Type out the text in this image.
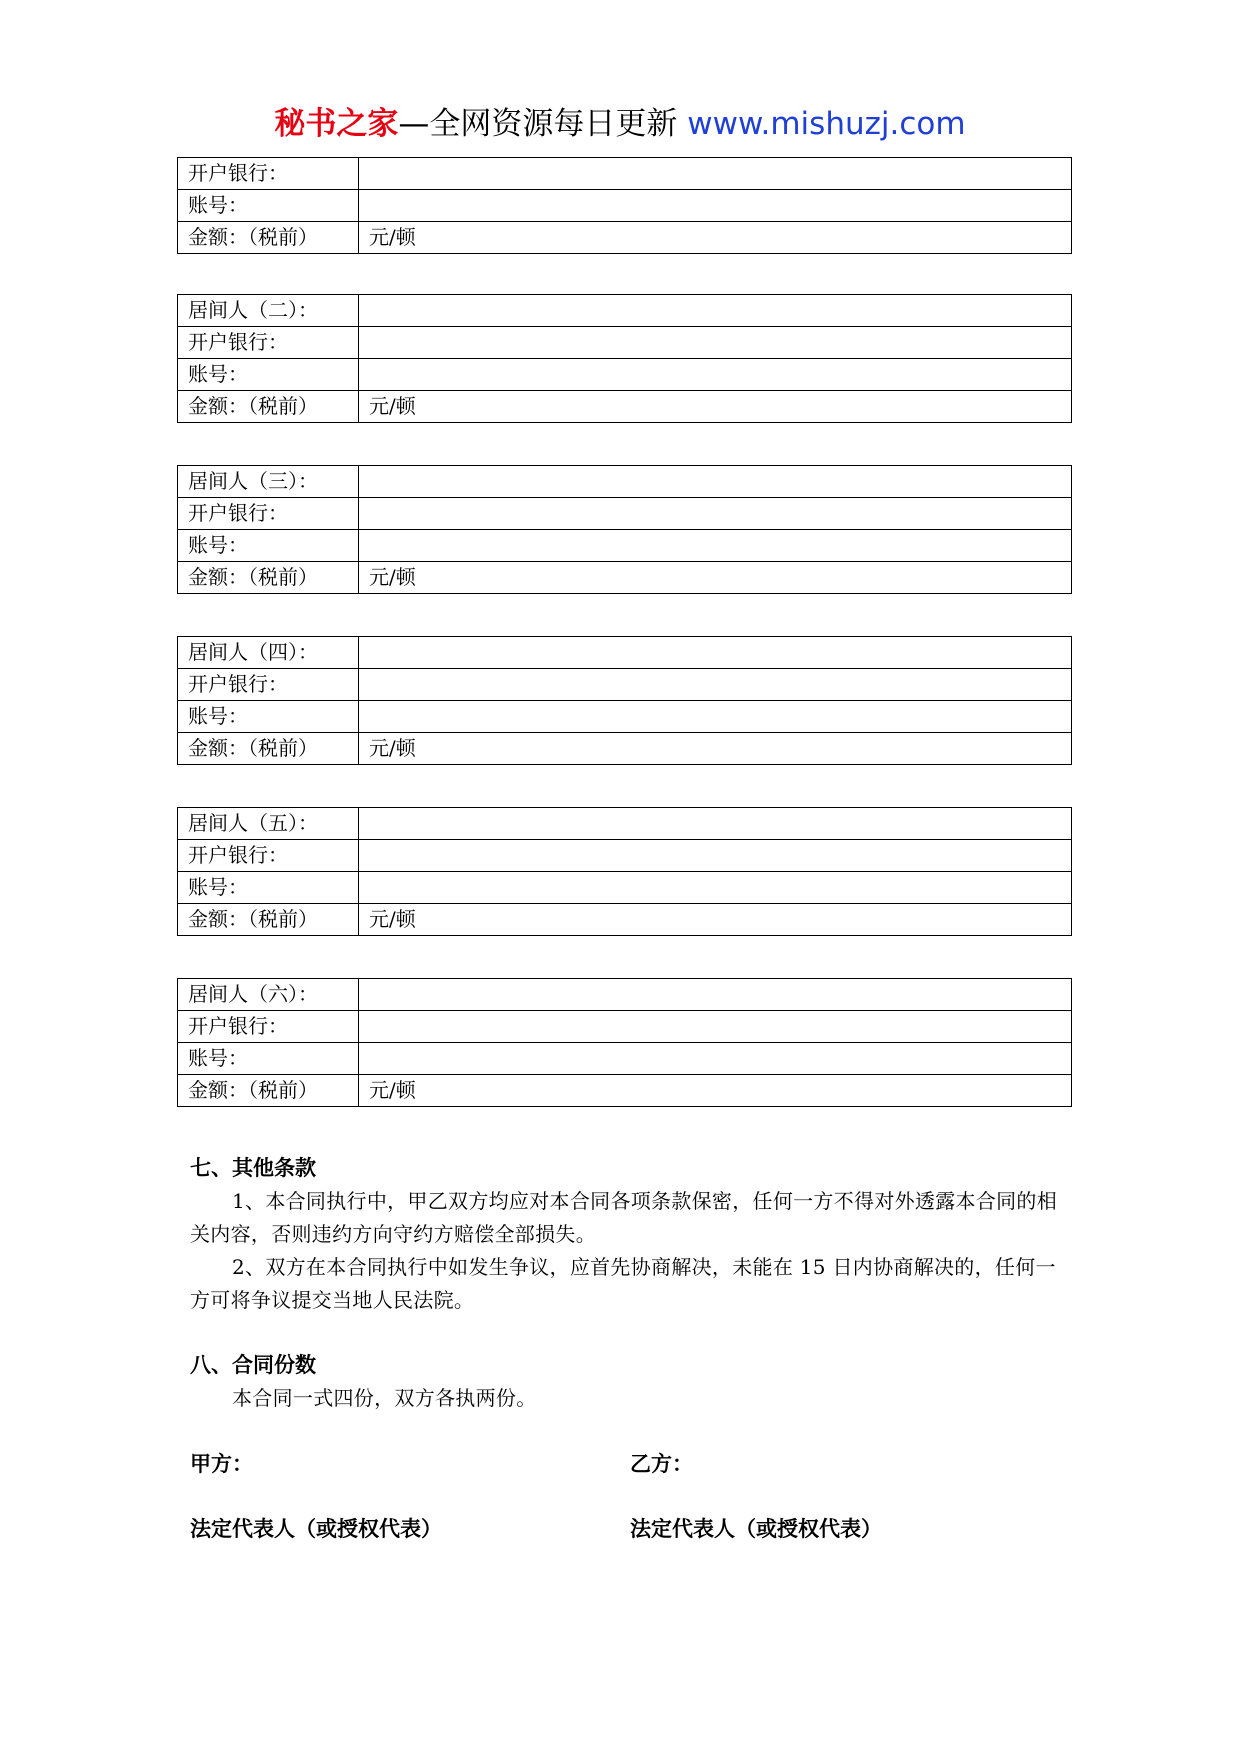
秘书之家—全网资源每日更新 www.mishuzj.com
开户银行：	
账号：	
金额：（税前）	元/顿
居间人（二）：	
开户银行：	
账号：	
金额：（税前）	元/顿
居间人（三）：	
开户银行：	
账号：	
金额：（税前）	元/顿
居间人（四）：	
开户银行：	
账号：	
金额：（税前）	元/顿
居间人（五）：	
开户银行：	
账号：	
金额：（税前）	元/顿
居间人（六）：	
开户银行：	
账号：	
金额：（税前）	元/顿
七、其他条款
1、本合同执行中，甲乙双方均应对本合同各项条款保密，任何一方不得对外透露本合同的相关内容，否则违约方向守约方赔偿全部损失。
2、双方在本合同执行中如发生争议，应首先协商解决，未能在 15 日内协商解决的，任何一方可将争议提交当地人民法院。
八、合同份数
本合同一式四份，双方各执两份。
甲方：	乙方：
法定代表人（或授权代表）	法定代表人（或授权代表）
